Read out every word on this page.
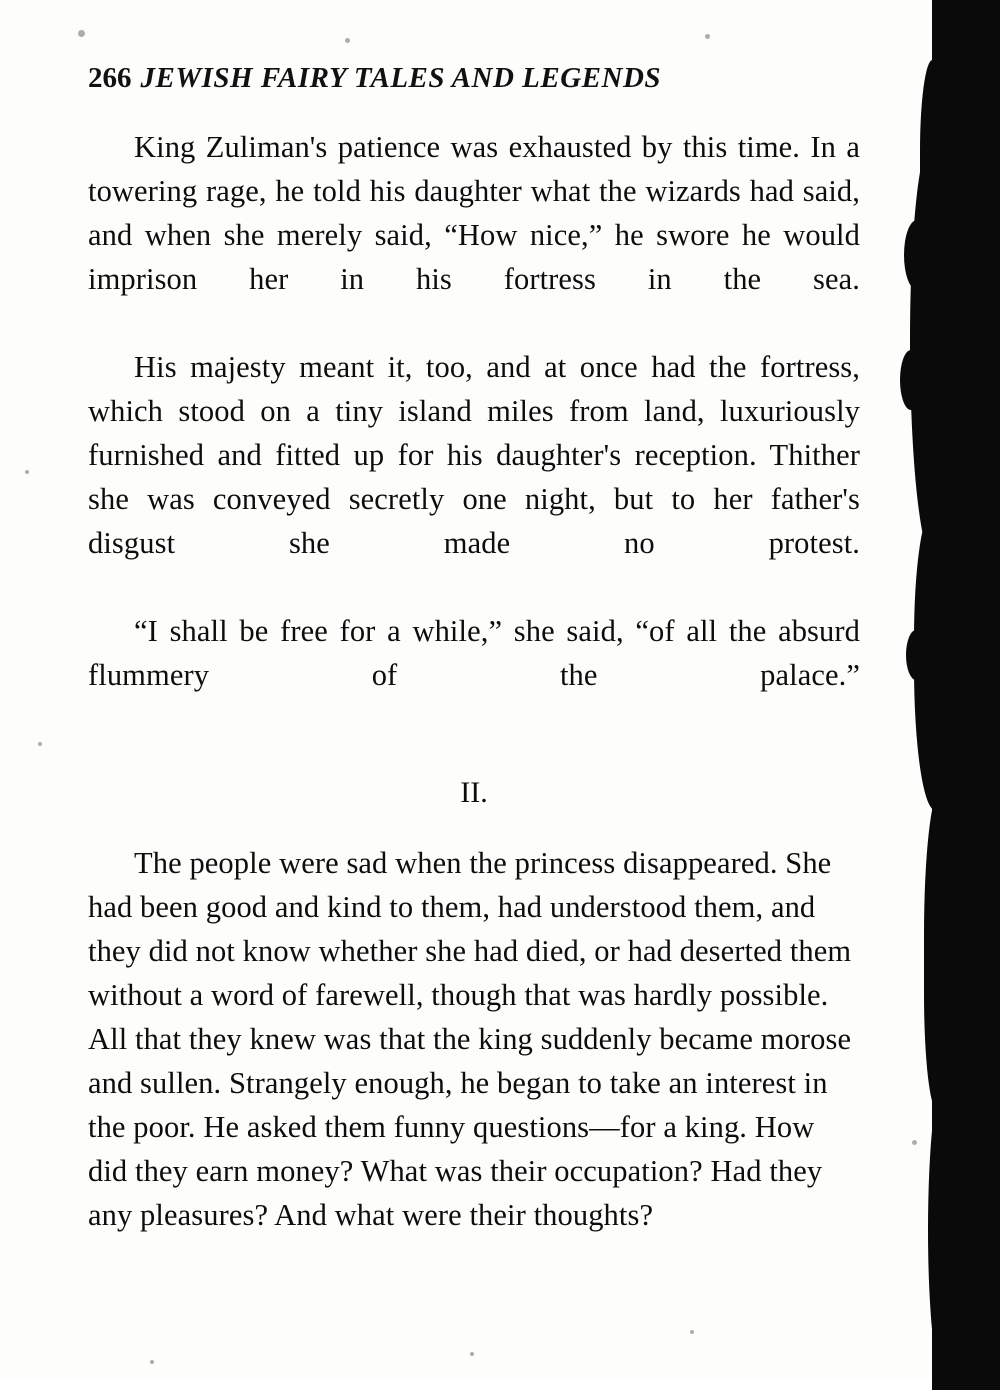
266 JEWISH FAIRY TALES AND LEGENDS

King Zuliman's patience was exhausted by this time. In a towering rage, he told his daughter what the wizards had said, and when she merely said, “How nice,” he swore he would imprison her in his fortress in the sea.

His majesty meant it, too, and at once had the fortress, which stood on a tiny island miles from land, luxuriously furnished and fitted up for his daughter's reception. Thither she was conveyed secretly one night, but to her father's disgust she made no protest.

“I shall be free for a while,” she said, “of all the absurd flummery of the palace.”

II.

The people were sad when the princess disappeared. She had been good and kind to them, had understood them, and they did not know whether she had died, or had deserted them without a word of farewell, though that was hardly possible. All that they knew was that the king suddenly became morose and sullen. Strangely enough, he began to take an interest in the poor. He asked them funny questions—for a king. How did they earn money? What was their occupation? Had they any pleasures? And what were their thoughts?
